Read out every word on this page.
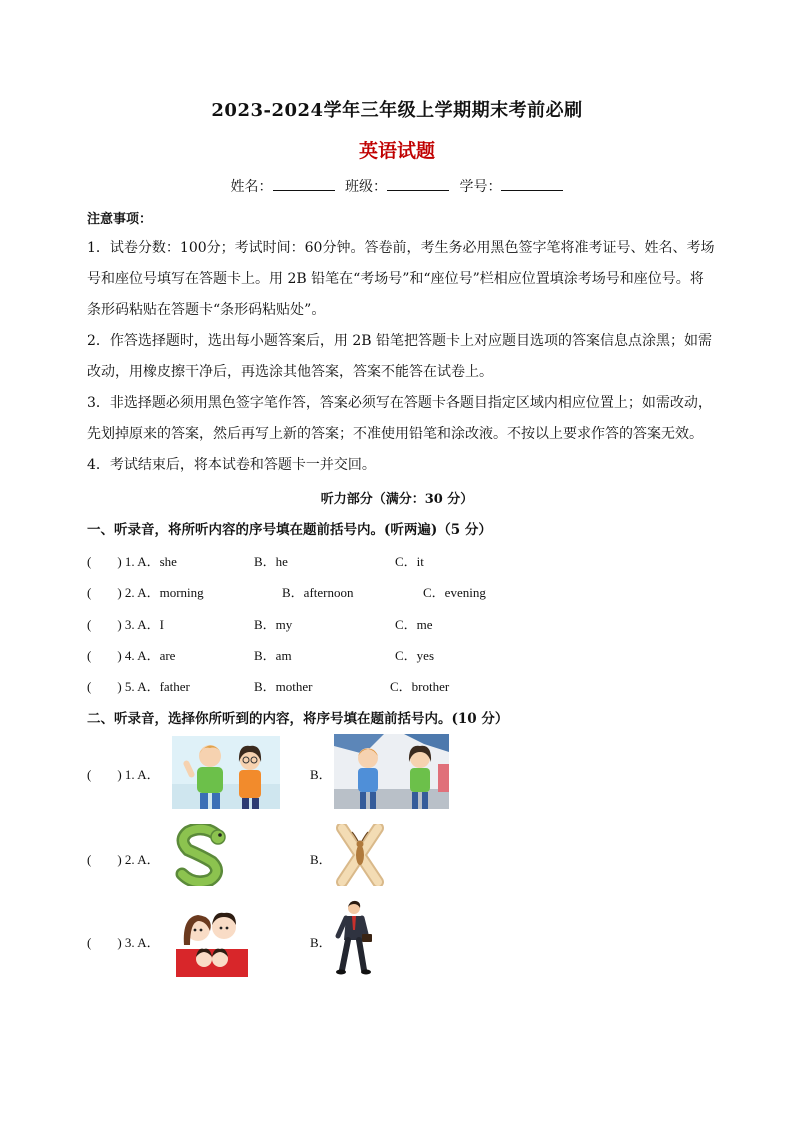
2023-2024学年三年级上学期期末考前必刷
英语试题
姓名：	班级：	学号：
注意事项：
1．试卷分数：100分；考试时间：60分钟。答卷前，考生务必用黑色签字笔将准考证号、姓名、考场号和座位号填写在答题卡上。用 2B 铅笔在“考场号”和“座位号”栏相应位置填涂考场号和座位号。将条形码粘贴在答题卡“条形码粘贴处”。
2．作答选择题时，选出每小题答案后，用 2B 铅笔把答题卡上对应题目选项的答案信息点涂黑；如需改动，用橡皮擦干净后，再选涂其他答案，答案不能答在试卷上。
3．非选择题必须用黑色签字笔作答，答案必须写在答题卡各题目指定区域内相应位置上；如需改动，先划掉原来的答案，然后再写上新的答案；不准使用铅笔和涂改液。不按以上要求作答的答案无效。
4．考试结束后，将本试卷和答题卡一并交回。
听力部分（满分：30 分）
一、听录音，将所听内容的序号填在题前括号内。(听两遍)（5 分）
(　　) 1. A．she	B．he	C．it
(　　) 2. A．morning	B．afternoon	C．evening
(　　) 3. A．I	B．my	C．me
(　　) 4. A．are	B．am	C．yes
(　　) 5. A．father	B．mother	C．brother
二、听录音，选择你所听到的内容，将序号填在题前括号内。(10 分）
(　　) 1. A．	B．
(　　) 2. A．	B．
(　　) 3. A．	B．
